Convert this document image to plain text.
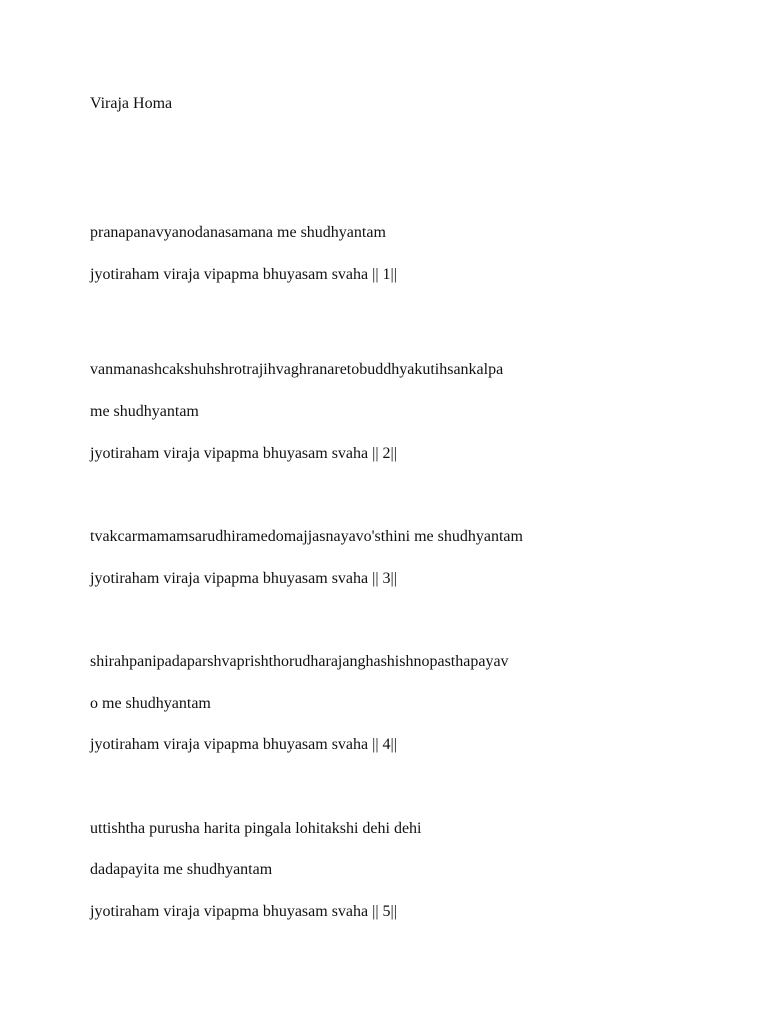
Viraja Homa
pranapanavyanodanasamana me shudhyantam
jyotiraham viraja vipapma bhuyasam svaha || 1||
vanmanashcakshuhshrotrajihvaghranaretobuddhyakutihsankalpa
me shudhyantam
jyotiraham viraja vipapma bhuyasam svaha || 2||
tvakcarmamamsarudhiramedomajjasnayavo'sthini me shudhyantam
jyotiraham viraja vipapma bhuyasam svaha || 3||
shirahpanipadaparshvaprishthorudharajanghashishnopasthapayav
o me shudhyantam
jyotiraham viraja vipapma bhuyasam svaha || 4||
uttishtha purusha harita pingala lohitakshi dehi dehi
dadapayita me shudhyantam
jyotiraham viraja vipapma bhuyasam svaha || 5||
